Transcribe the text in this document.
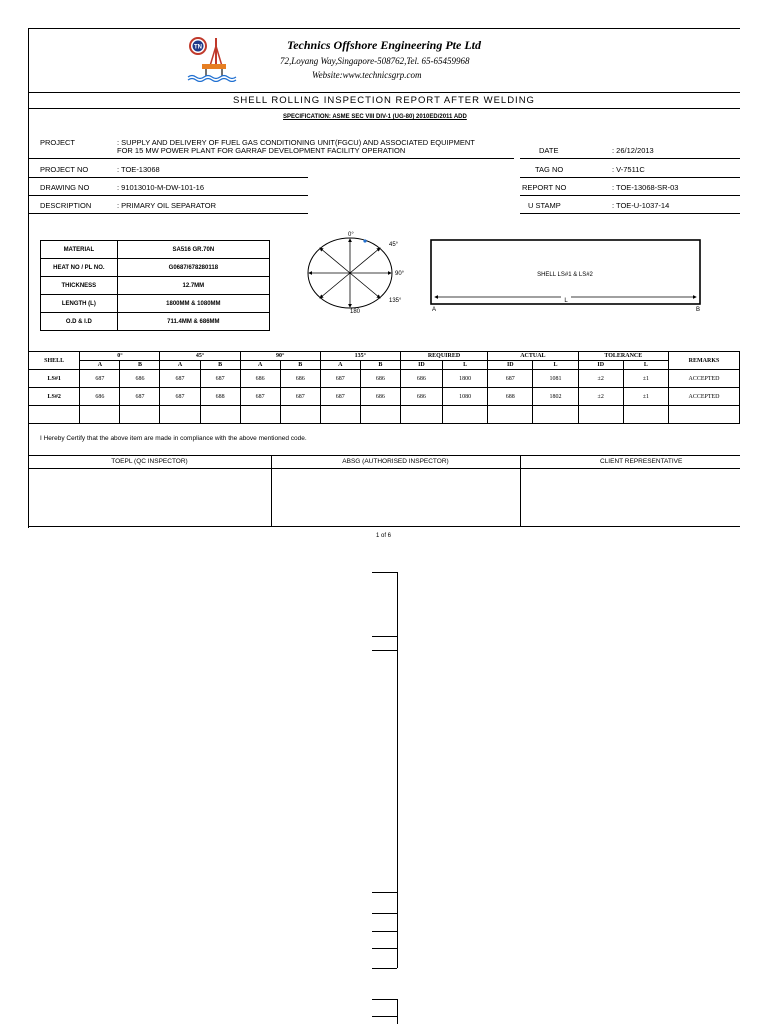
TN	Technics Offshore Engineering Pte Ltd
72,Loyang Way,Singapore-508762,Tel. 65-65459968
Website:www.technicsgrp.com
SHELL ROLLING INSPECTION REPORT AFTER WELDING
SPECIFICATION: ASME SEC VIII DIV-1 (UG-80) 2010ED/2011 ADD
PROJECT	: SUPPLY AND DELIVERY OF FUEL GAS CONDITIONING UNIT(FGCU) AND ASSOCIATED EQUIPMENT
FOR 15 MW POWER PLANT FOR GARRAF DEVELOPMENT FACILITY OPERATION	DATE	: 26/12/2013
PROJECT NO	: TOE-13068	TAG NO	: V-7511C
DRAWING NO	: 91013010-M-DW-101-16	REPORT NO	: TOE-13068-SR-03
DESCRIPTION	: PRIMARY OIL SEPARATOR	U STAMP	: TOE-U-1037-14
MATERIAL	SA516 GR.70N
HEAT NO / PL NO.	G0687/678280118
THICKNESS	12.7MM
LENGTH (L)	1800MM & 1080MM
O.D & I.D	711.4MM & 686MM
0°
45°
90°
135°
180
SHELL LS#1 & LS#2
L
A	B
SHELL	0°		45°		90°		135°		REQUIRED		ACTUAL		TOLERANCE		REMARKS
	A	B	A	B	A	B	A	B	ID	L	ID	L	ID	L	
LS#1	687	686	687	687	686	686	687	686	686	1800	687	1081	±2	±1	ACCEPTED
LS#2	686	687	687	688	687	687	687	686	686	1080	688	1802	±2	±1	ACCEPTED

I Hereby Certify that the above item are made in compliance with the above mentioned code.
TOEPL (QC INSPECTOR)	ABSG (AUTHORISED INSPECTOR)	CLIENT REPRESENTATIVE
1 of 6
